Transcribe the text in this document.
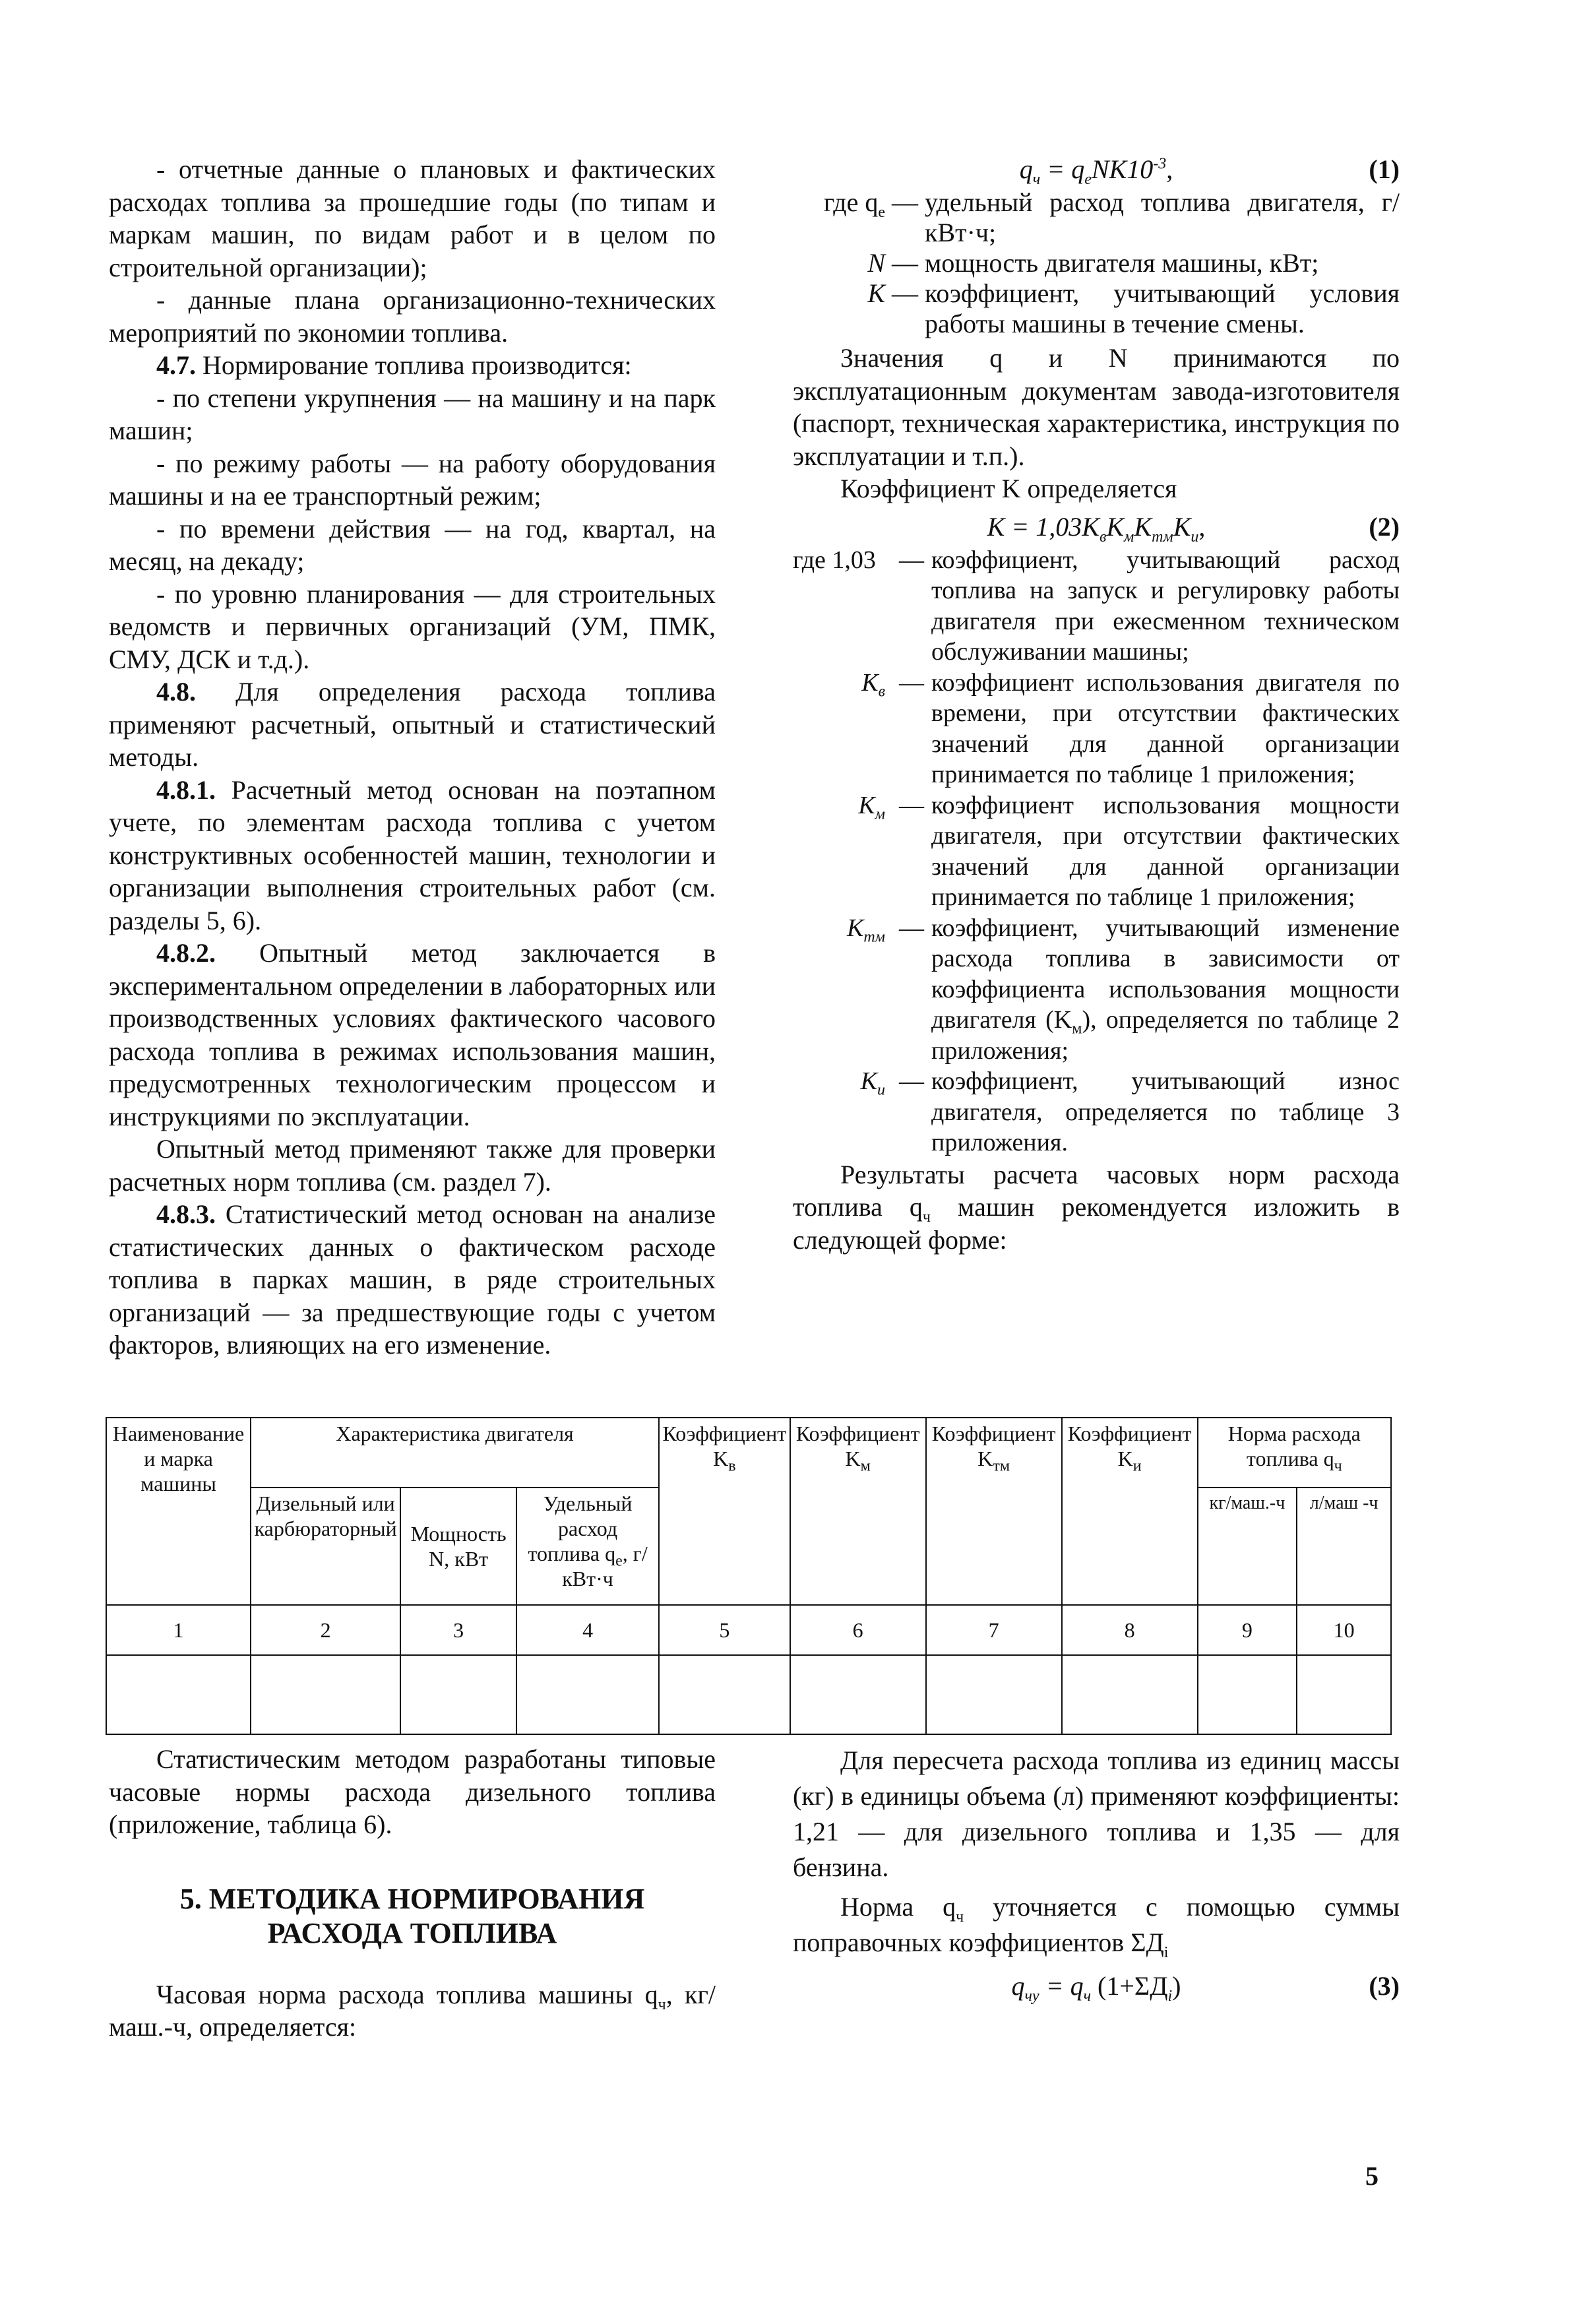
- отчетные данные о плановых и фактических расходах топлива за прошедшие годы (по типам и маркам машин, по видам работ и в целом по строительной организации);

- данные плана организационно-технических мероприятий по экономии топлива.

4.7. Нормирование топлива производится:

- по степени укрупнения — на машину и на парк машин;

- по режиму работы — на работу оборудования машины и на ее транспортный режим;

- по времени действия — на год, квартал, на месяц, на декаду;

- по уровню планирования — для строительных ведомств и первичных организаций (УМ, ПМК, СМУ, ДСК и т.д.).

4.8. Для определения расхода топлива применяют расчетный, опытный и статистический методы.

4.8.1. Расчетный метод основан на поэтапном учете, по элементам расхода топлива с учетом конструктивных особенностей машин, технологии и организации выполнения строительных работ (см. разделы 5, 6).

4.8.2. Опытный метод заключается в экспериментальном определении в лабораторных или производственных условиях фактического часового расхода топлива в режимах использования машин, предусмотренных технологическим процессом и инструкциями по эксплуатации.

Опытный метод применяют также для проверки расчетных норм топлива (см. раздел 7).

4.8.3. Статистический метод основан на анализе статистических данных о фактическом расходе топлива в парках машин, в ряде строительных организаций — за предшествующие годы с учетом факторов, влияющих на его изменение.

$q_ч = q_eNK10^{-3}$,	(1)
где $q_e$	—	удельный расход топлива двигателя, г/кВт·ч;
N	—	мощность двигателя машины, кВт;
K	—	коэффициент, учитывающий условия работы машины в течение смены.

Значения q и N принимаются по эксплуатационным документам завода-изготовителя (паспорт, техническая характеристика, инструкция по эксплуатации и т.п.).

Коэффициент K определяется

$K = 1,03K_вK_мK_{тм}K_и$,	(2)
где 1,03	—	коэффициент, учитывающий расход топлива на запуск и регулировку работы двигателя при ежесменном техническом обслуживании машины;
$K_в$	—	коэффициент использования двигателя по времени, при отсутствии фактических значений для данной организации принимается по таблице 1 приложения;
$K_м$	—	коэффициент использования мощности двигателя, при отсутствии фактических значений для данной организации принимается по таблице 1 приложения;
$K_{тм}$	—	коэффициент, учитывающий изменение расхода топлива в зависимости от коэффициента использования мощности двигателя $(K_м)$, определяется по таблице 2 приложения;
$K_и$	—	коэффициент, учитывающий износ двигателя, определяется по таблице 3 приложения.

Результаты расчета часовых норм расхода топлива $q_ч$ машин рекомендуется изложить в следующей форме:

Наименование и марка машины	Характеристика двигателя			Коэффициент $K_в$	Коэффициент $K_м$	Коэффициент $K_{тм}$	Коэффициент $K_и$	Норма расхода топлива $q_ч$
	Дизельный или карбюраторный	Мощность N, кВт	Удельный расход топлива $q_e$, г/кВт·ч					кг/маш.-ч	л/маш -ч
1	2	3	4	5	6	7	8	9	10

Статистическим методом разработаны типовые часовые нормы расхода дизельного топлива (приложение, таблица 6).

5. МЕТОДИКА НОРМИРОВАНИЯ РАСХОДА ТОПЛИВА

Часовая норма расхода топлива машины $q_ч$, кг/маш.-ч, определяется:

Для пересчета расхода топлива из единиц массы (кг) в единицы объема (л) применяют коэффициенты: 1,21 — для дизельного топлива и 1,35 — для бензина.

Норма $q_ч$ уточняется с помощью суммы поправочных коэффициентов $\Sigma Д_i$

$q_{чу} = q_ч$ $(1+\Sigma Д_i)$	(3)
5
